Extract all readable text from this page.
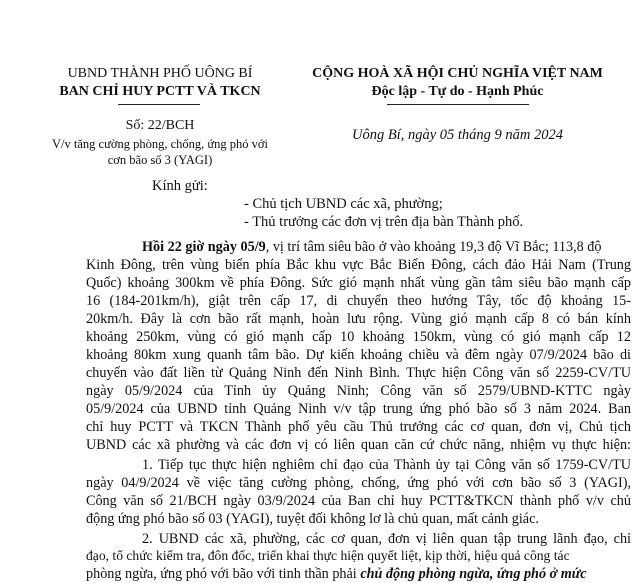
UBND THÀNH PHỐ UÔNG BÍ
BAN CHỈ HUY PCTT VÀ TKCN
Số: 22/BCH
V/v tăng cường phòng, chống, ứng phó với
cơn bão số 3 (YAGI)
CỘNG HOÀ XÃ HỘI CHỦ NGHĨA VIỆT NAM
Độc lập - Tự do - Hạnh Phúc
Uông Bí, ngày 05 tháng 9 năm 2024
Kính gửi:
- Chủ tịch UBND các xã, phường;
- Thủ trưởng các đơn vị trên địa bàn Thành phố.
Hồi 22 giờ ngày 05/9, vị trí tâm siêu bão ở vào khoảng 19,3 độ Vĩ Bắc; 113,8 độ
Kinh Đông, trên vùng biển phía Bắc khu vực Bắc Biển Đông, cách đảo Hải Nam (Trung
Quốc) khoảng 300km về phía Đông. Sức gió mạnh nhất vùng gần tâm siêu bão mạnh cấp
16 (184-201km/h), giật trên cấp 17, di chuyển theo hướng Tây, tốc độ khoảng 15-
20km/h. Đây là cơn bão rất mạnh, hoàn lưu rộng. Vùng gió mạnh cấp 8 có bán kính
khoảng 250km, vùng có gió mạnh cấp 10 khoảng 150km, vùng có gió mạnh cấp 12
khoảng 80km xung quanh tâm bão. Dự kiến khoảng chiều và đêm ngày 07/9/2024 bão di
chuyển vào đất liền từ Quảng Ninh đến Ninh Bình. Thực hiện Công văn số 2259-CV/TU
ngày 05/9/2024 của Tỉnh ủy Quảng Ninh; Công văn số 2579/UBND-KTTC ngày
05/9/2024 của UBND tỉnh Quảng Ninh v/v tập trung ứng phó bão số 3 năm 2024. Ban
chỉ huy PCTT và TKCN Thành phố yêu cầu Thủ trưởng các cơ quan, đơn vị, Chủ tịch
UBND các xã phường và các đơn vị có liên quan căn cứ chức năng, nhiệm vụ thực hiện:
1. Tiếp tục thực hiện nghiêm chỉ đạo của Thành ủy tại Công văn số 1759-CV/TU
ngày 04/9/2024 về việc tăng cường phòng, chống, ứng phó với cơn bão số 3 (YAGI),
Công văn số 21/BCH ngày 03/9/2024 của Ban chỉ huy PCTT&TKCN thành phố v/v chủ
động ứng phó bão số 03 (YAGI), tuyệt đối không lơ là chủ quan, mất cảnh giác.
2. UBND các xã, phường, các cơ quan, đơn vị liên quan tập trung lãnh đạo, chỉ
đạo, tổ chức kiểm tra, đôn đốc, triển khai thực hiện quyết liệt, kịp thời, hiệu quả công tác
phòng ngừa, ứng phó với bão với tinh thần phải chủ động phòng ngừa, ứng phó ở mức
